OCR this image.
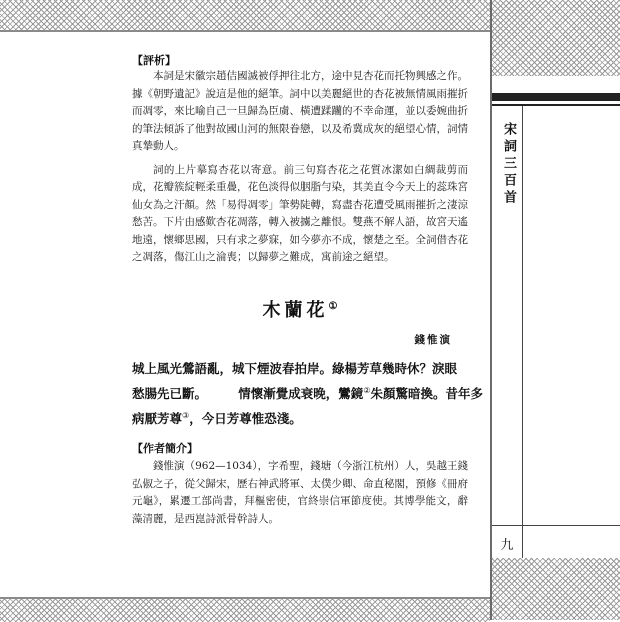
宋詞三百首
九
【評析】

本詞是宋徽宗趙佶國滅被俘押往北方，途中見杏花而托物興感之作。據《朝野遺記》說這是他的絕筆。詞中以美麗絕世的杏花被無情風雨摧折而凋零，來比喻自己一旦歸為臣虜、橫遭蹂躪的不幸命運，並以委婉曲折的筆法傾訴了他對故國山河的無限眷戀，以及希冀成灰的絕望心情，詞情真摯動人。

詞的上片摹寫杏花以寄意。前三句寫杏花之花質冰潔如白綢裁剪而成，花瓣簇綻輕柔重疊，花色淡得似胭脂勻染，其美直令今天上的蕊珠宮仙女為之汗顏。然「易得凋零」筆勢陡轉，寫盡杏花遭受風雨摧折之淒涼愁苦。下片由感歎杏花凋落，轉入被擄之離恨。雙燕不解人語，故宮天遙地遠，懷鄉思國，只有求之夢寐，如今夢亦不成，懷楚之至。全詞借杏花之凋落，傷江山之淪喪；以歸夢之難成，寓前途之絕望。

木蘭花①
錢惟演
城上風光鶯語亂，城下煙波春拍岸。綠楊芳草幾時休？淚眼
愁腸先已斷。　　　	情懷漸覺成衰晚，鸞鏡②朱顏驚暗換。昔年多
病厭芳尊③，今日芳尊惟恐淺。
【作者簡介】

錢惟演（962—1034），字希聖，錢塘（今浙江杭州）人，吳越王錢弘俶之子，從父歸宋，歷右神武將軍、太僕少卿、命直秘閣，預修《冊府元龜》，累遷工部尚書，拜樞密使，官終崇信軍節度使。其博學能文，辭藻清麗，是西崑詩派骨幹詩人。
